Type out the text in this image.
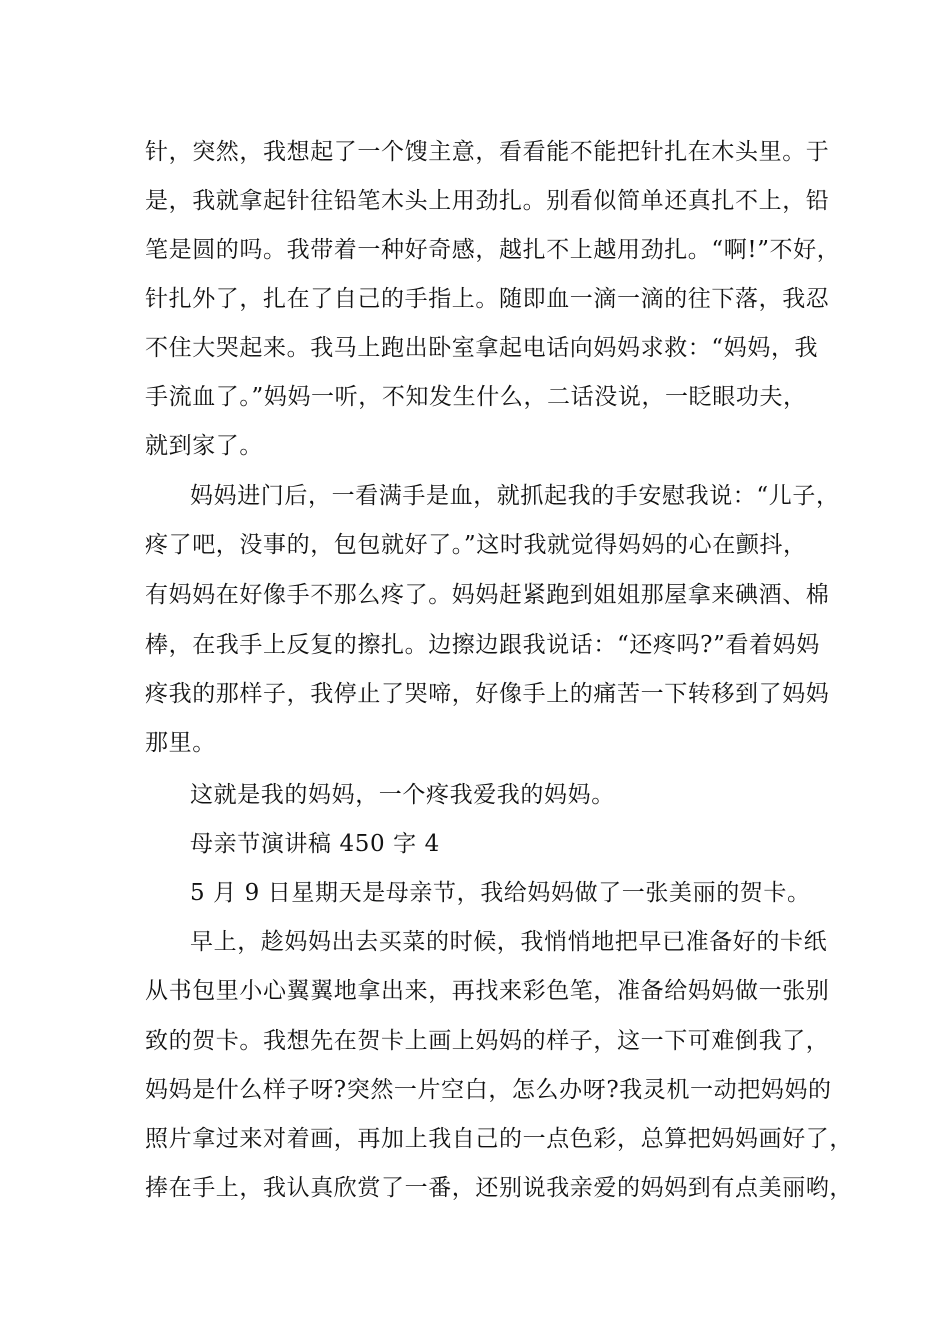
针，突然，我想起了一个馊主意，看看能不能把针扎在木头里。于
是，我就拿起针往铅笔木头上用劲扎。别看似简单还真扎不上，铅
笔是圆的吗。我带着一种好奇感，越扎不上越用劲扎。“啊!”不好，
针扎外了，扎在了自己的手指上。随即血一滴一滴的往下落，我忍
不住大哭起来。我马上跑出卧室拿起电话向妈妈求救：“妈妈，我
手流血了。”妈妈一听，不知发生什么，二话没说，一眨眼功夫，
就到家了。
妈妈进门后，一看满手是血，就抓起我的手安慰我说：“儿子，
疼了吧，没事的，包包就好了。”这时我就觉得妈妈的心在颤抖，
有妈妈在好像手不那么疼了。妈妈赶紧跑到姐姐那屋拿来碘酒、棉
棒，在我手上反复的擦扎。边擦边跟我说话：“还疼吗?”看着妈妈
疼我的那样子，我停止了哭啼，好像手上的痛苦一下转移到了妈妈
那里。
这就是我的妈妈，一个疼我爱我的妈妈。
母亲节演讲稿 450 字 4
5 月 9 日星期天是母亲节，我给妈妈做了一张美丽的贺卡。
早上，趁妈妈出去买菜的时候，我悄悄地把早已准备好的卡纸
从书包里小心翼翼地拿出来，再找来彩色笔，准备给妈妈做一张别
致的贺卡。我想先在贺卡上画上妈妈的样子，这一下可难倒我了，
妈妈是什么样子呀?突然一片空白，怎么办呀?我灵机一动把妈妈的
照片拿过来对着画，再加上我自己的一点色彩，总算把妈妈画好了，
捧在手上，我认真欣赏了一番，还别说我亲爱的妈妈到有点美丽哟，
